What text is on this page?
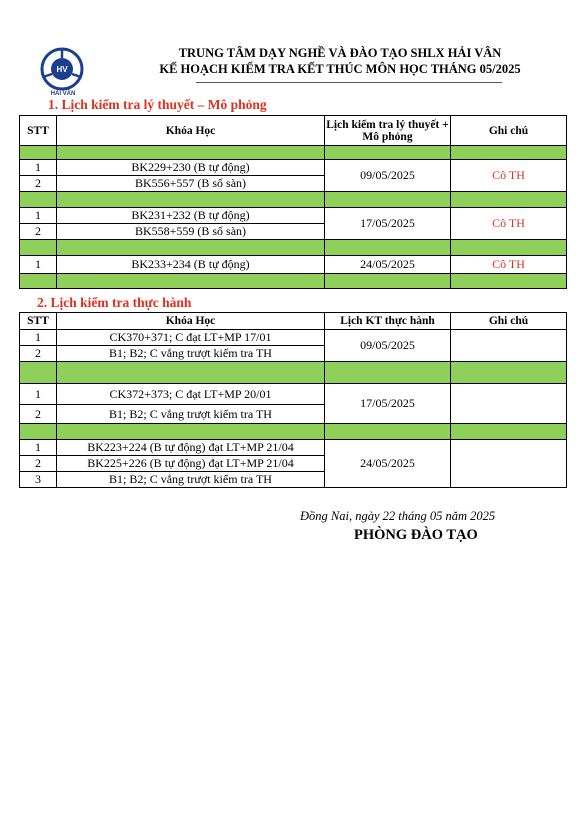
HV
HẢI VÂN
TRUNG TÂM DẠY NGHỀ VÀ ĐÀO TẠO SHLX HẢI VÂN
KẾ HOẠCH KIỂM TRA KẾT THÚC MÔN HỌC THÁNG 05/2025
1. Lịch kiểm tra lý thuyết – Mô phỏng
STT	Khóa Học	Lịch kiểm tra lý thuyết + Mô phỏng	Ghi chú

1	BK229+230 (B tự động)	09/05/2025	Cô TH
2	BK556+557 (B số sàn)		

1	BK231+232 (B tự động)	17/05/2025	Cô TH
2	BK558+559 (B số sàn)		

1	BK233+234 (B tự động)	24/05/2025	Cô TH

2. Lịch kiểm tra thực hành
STT	Khóa Học	Lịch KT thực hành	Ghi chú
1	CK370+371; C đạt LT+MP 17/01	09/05/2025	
2	B1; B2; C vắng trượt kiểm tra TH		

1	CK372+373; C đạt LT+MP 20/01	17/05/2025	
2	B1; B2; C vắng trượt kiểm tra TH		

1	BK223+224 (B tự động) đạt LT+MP 21/04	24/05/2025	
2	BK225+226 (B tự động) đạt LT+MP 21/04		
3	B1; B2; C vắng trượt kiểm tra TH		
Đồng Nai, ngày 22 tháng 05 năm 2025
PHÒNG ĐÀO TẠO
